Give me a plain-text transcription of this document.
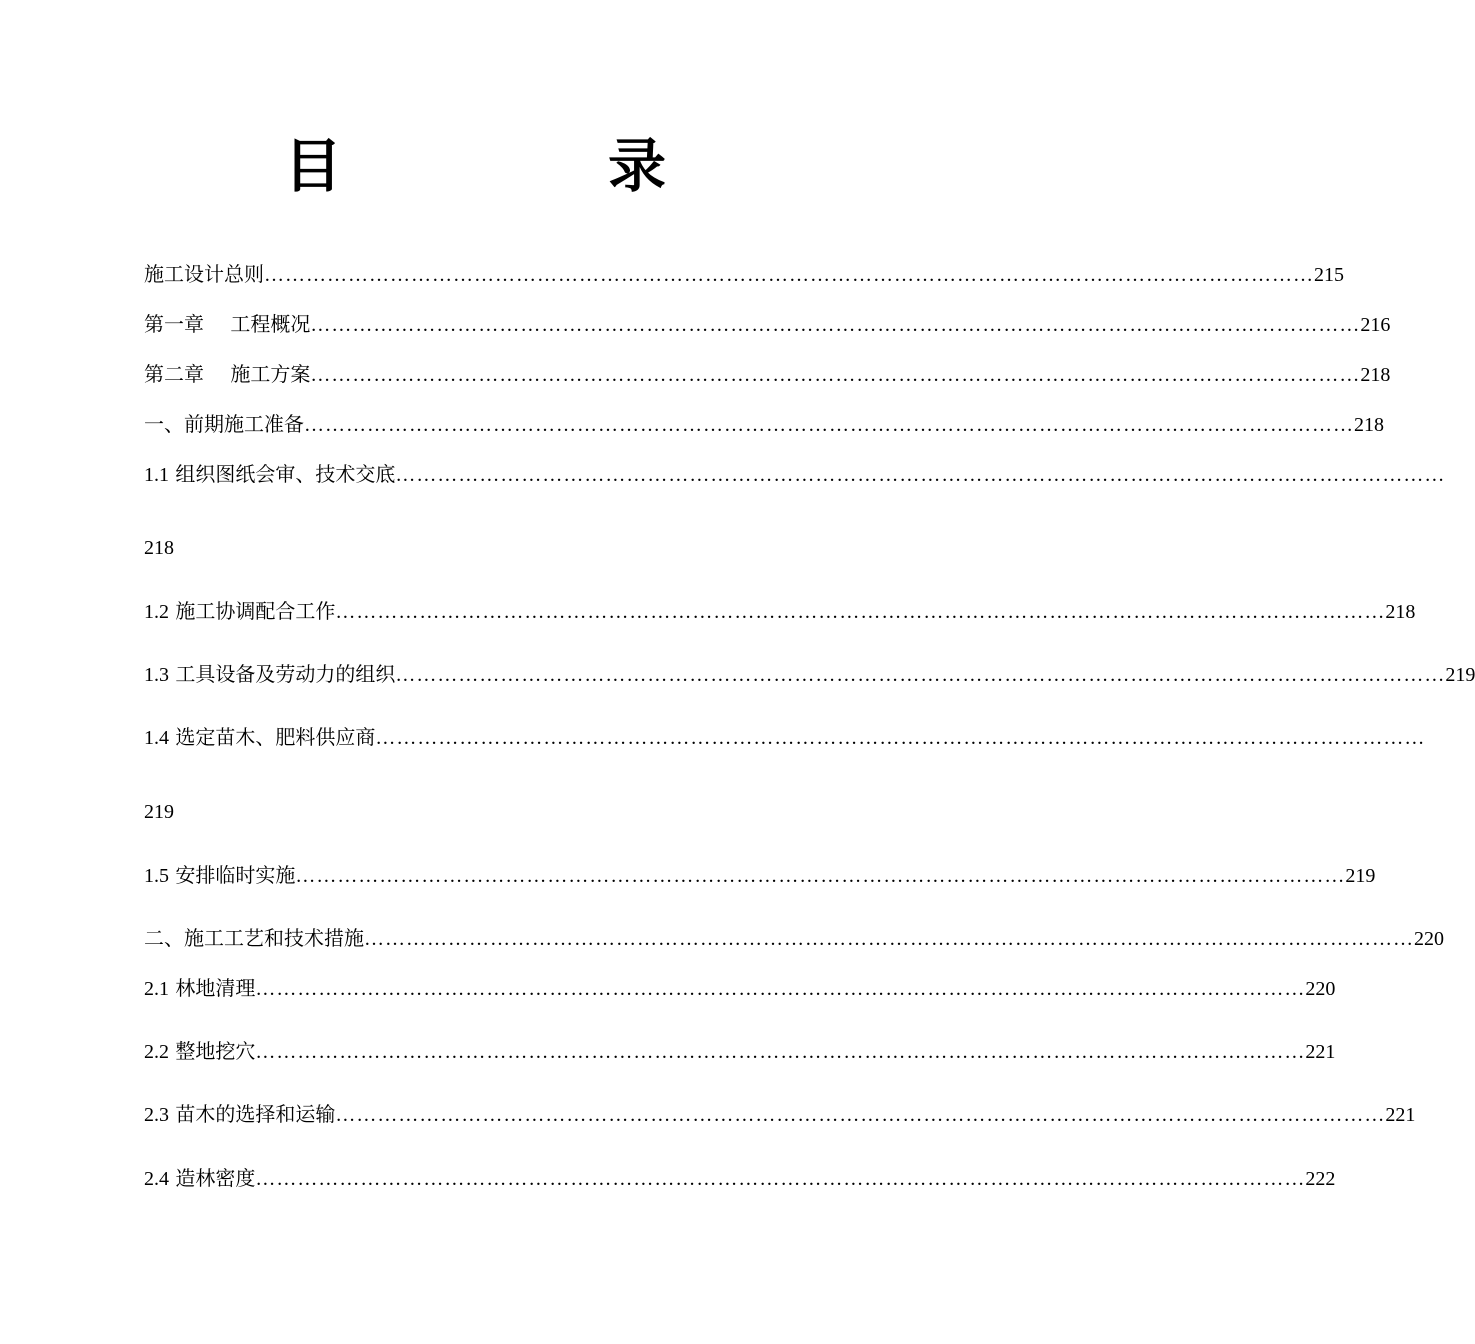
目　录
施工设计总则 …………………………………………………………………………………………………………………………………… 215
第一章　 工程概况 …………………………………………………………………………………………………………………………………… 216
第二章　 施工方案 …………………………………………………………………………………………………………………………………… 218
一、前期施工准备 …………………………………………………………………………………………………………………………………… 218
1.1 组织图纸会审、技术交底 ……………………………………………………………………………………………………………………………………
218
1.2 施工协调配合工作 …………………………………………………………………………………………………………………………………… 218
1.3 工具设备及劳动力的组织 …………………………………………………………………………………………………………………………………… 219
1.4 选定苗木、肥料供应商 ……………………………………………………………………………………………………………………………………
219
1.5 安排临时实施 …………………………………………………………………………………………………………………………………… 219
二、施工工艺和技术措施 …………………………………………………………………………………………………………………………………… 220
2.1 林地清理 …………………………………………………………………………………………………………………………………… 220
2.2 整地挖穴 …………………………………………………………………………………………………………………………………… 221
2.3 苗木的选择和运输 …………………………………………………………………………………………………………………………………… 221
2.4 造林密度 …………………………………………………………………………………………………………………………………… 222
